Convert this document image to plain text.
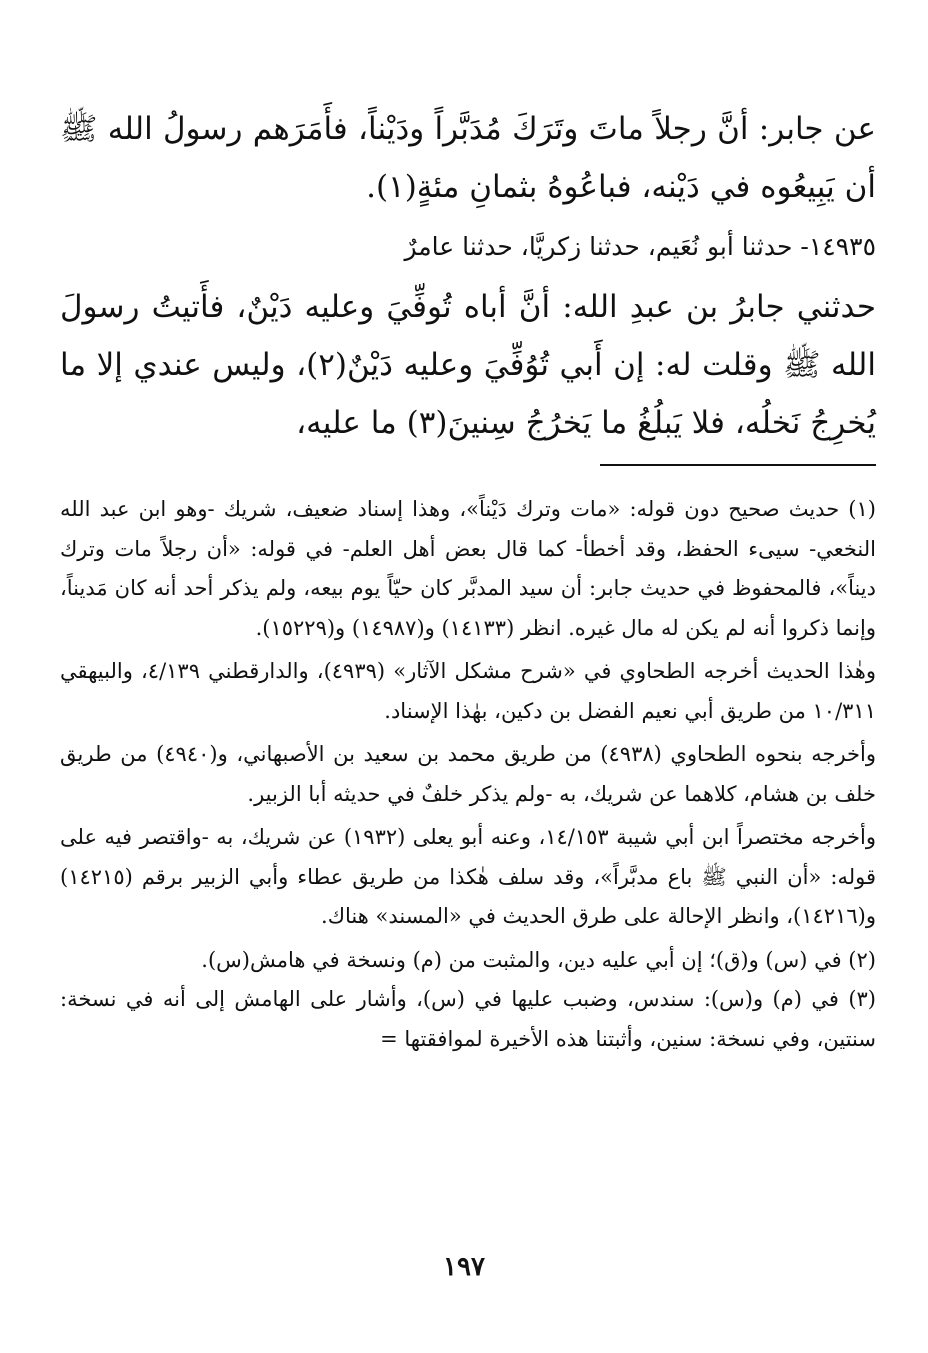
عن جابر: أنَّ رجلاً ماتَ وتَرَكَ مُدَبَّراً ودَيْناً، فأَمَرَهم رسولُ الله ﷺ أن يَبِيعُوه في دَيْنه، فباعُوهُ بثمانِ مئةٍ(١).

١٤٩٣٥- حدثنا أبو نُعَيم، حدثنا زكريَّا، حدثنا عامرٌ

حدثني جابرُ بن عبدِ الله: أنَّ أباه تُوفِّيَ وعليه دَيْنٌ، فأَتيتُ رسولَ الله ﷺ وقلت له: إن أَبي تُوُفِّيَ وعليه دَيْنٌ(٢)، وليس عندي إلا ما يُخرِجُ نَخلُه، فلا يَبلُغُ ما يَخرُجُ سِنينَ(٣) ما عليه،

(١) حديث صحيح دون قوله: «مات وترك دَيْناً»، وهذا إسناد ضعيف، شريك -وهو ابن عبد الله النخعي- سيىء الحفظ، وقد أخطأ- كما قال بعض أهل العلم- في قوله: «أن رجلاً مات وترك ديناً»، فالمحفوظ في حديث جابر: أن سيد المدبَّر كان حيّاً يوم بيعه، ولم يذكر أحد أنه كان مَديناً، وإنما ذكروا أنه لم يكن له مال غيره. انظر (١٤١٣٣) و(١٤٩٨٧) و(١٥٢٢٩).

وهٰذا الحديث أخرجه الطحاوي في «شرح مشكل الآثار» (٤٩٣٩)، والدارقطني ٤/١٣٩، والبيهقي ١٠/٣١١ من طريق أبي نعيم الفضل بن دكين، بهٰذا الإسناد.

وأخرجه بنحوه الطحاوي (٤٩٣٨) من طريق محمد بن سعيد بن الأصبهاني، و(٤٩٤٠) من طريق خلف بن هشام، كلاهما عن شريك، به -ولم يذكر خلفٌ في حديثه أبا الزبير.

وأخرجه مختصراً ابن أبي شيبة ١٤/١٥٣، وعنه أبو يعلى (١٩٣٢) عن شريك، به -واقتصر فيه على قوله: «أن النبي ﷺ باع مدبَّراً»، وقد سلف هٰكذا من طريق عطاء وأبي الزبير برقم (١٤٢١٥) و(١٤٢١٦)، وانظر الإحالة على طرق الحديث في «المسند» هناك.

(٢) في (س) و(ق)؛ إن أبي عليه دين، والمثبت من (م) ونسخة في هامش(س).

(٣) في (م) و(س): سندس، وضبب عليها في (س)، وأشار على الهامش إلى أنه في نسخة: سنتين، وفي نسخة: سنين، وأثبتنا هذه الأخيرة لموافقتها =

١٩٧
